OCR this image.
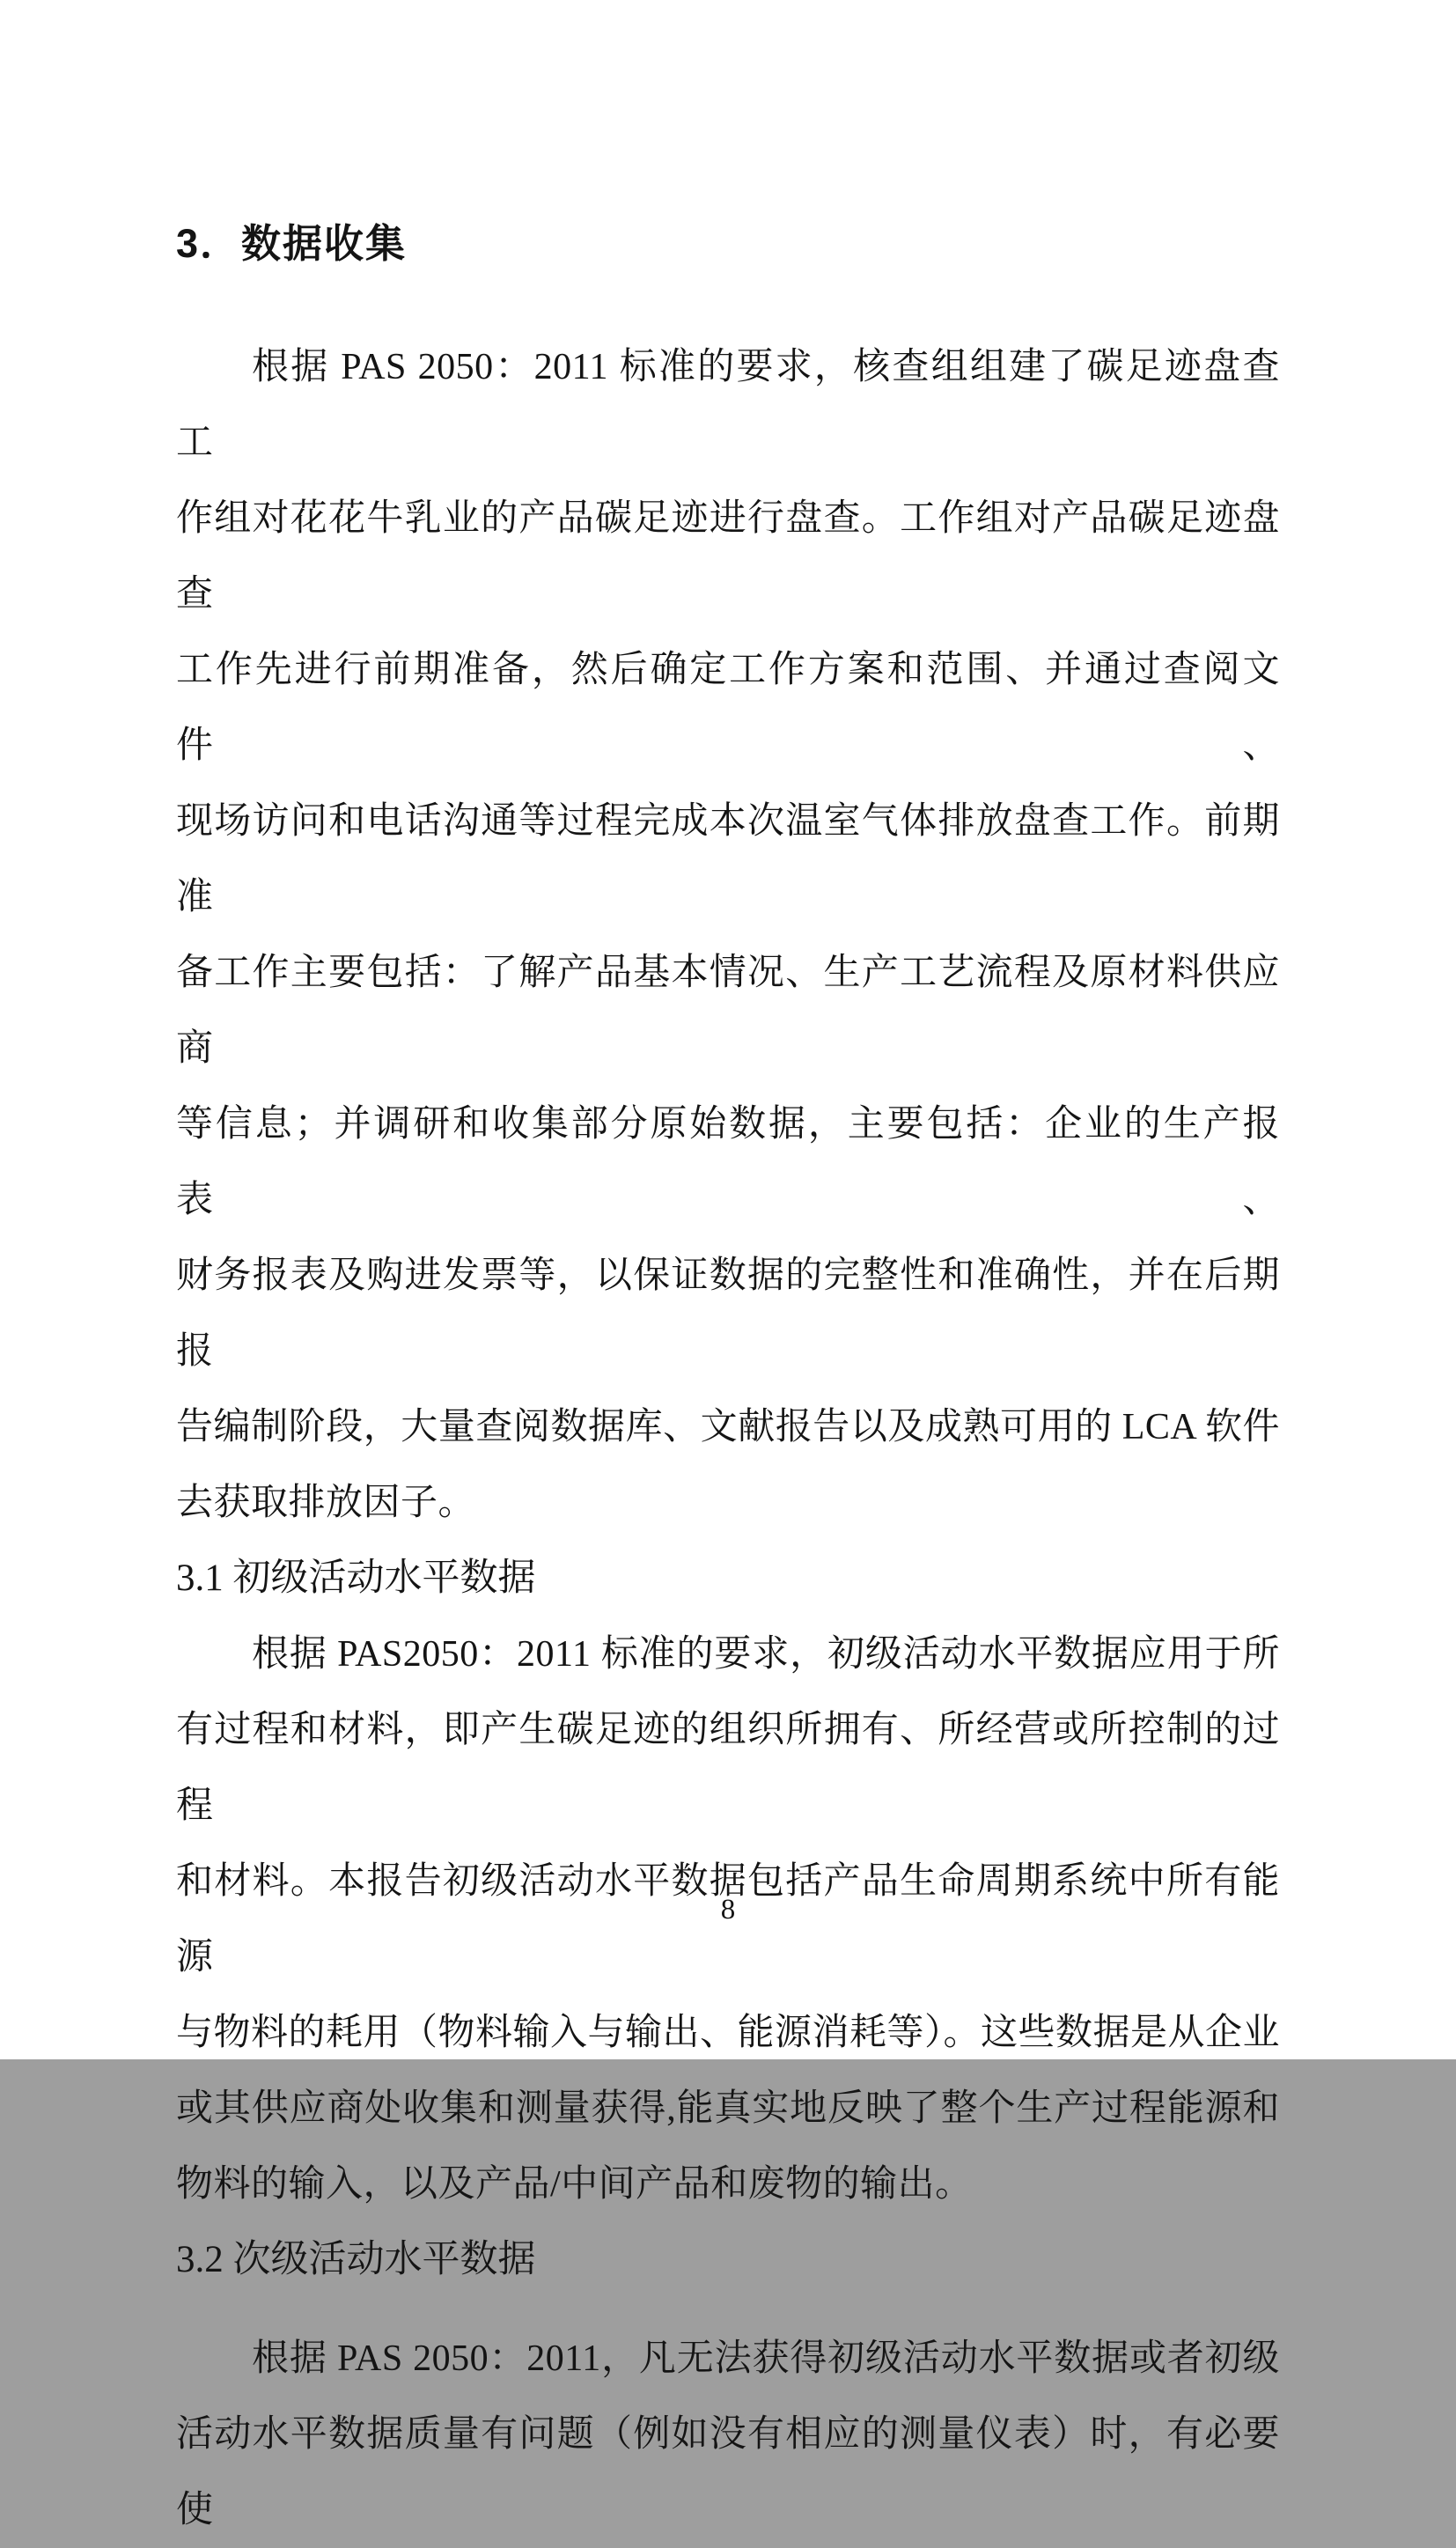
3．数据收集
根据 PAS 2050：2011 标准的要求，核查组组建了碳足迹盘查工
作组对花花牛乳业的产品碳足迹进行盘查。工作组对产品碳足迹盘查
工作先进行前期准备，然后确定工作方案和范围、并通过查阅文件、
现场访问和电话沟通等过程完成本次温室气体排放盘查工作。前期准
备工作主要包括：了解产品基本情况、生产工艺流程及原材料供应商
等信息；并调研和收集部分原始数据，主要包括：企业的生产报表、
财务报表及购进发票等，以保证数据的完整性和准确性，并在后期报
告编制阶段，大量查阅数据库、文献报告以及成熟可用的 LCA 软件
去获取排放因子。
3.1 初级活动水平数据
根据 PAS2050：2011 标准的要求，初级活动水平数据应用于所
有过程和材料，即产生碳足迹的组织所拥有、所经营或所控制的过程
和材料。本报告初级活动水平数据包括产品生命周期系统中所有能源
与物料的耗用（物料输入与输出、能源消耗等）。这些数据是从企业
或其供应商处收集和测量获得,能真实地反映了整个生产过程能源和
物料的输入，以及产品/中间产品和废物的输出。
3.2 次级活动水平数据
根据 PAS 2050：2011，凡无法获得初级活动水平数据或者初级
活动水平数据质量有问题（例如没有相应的测量仪表）时，有必要使
8
